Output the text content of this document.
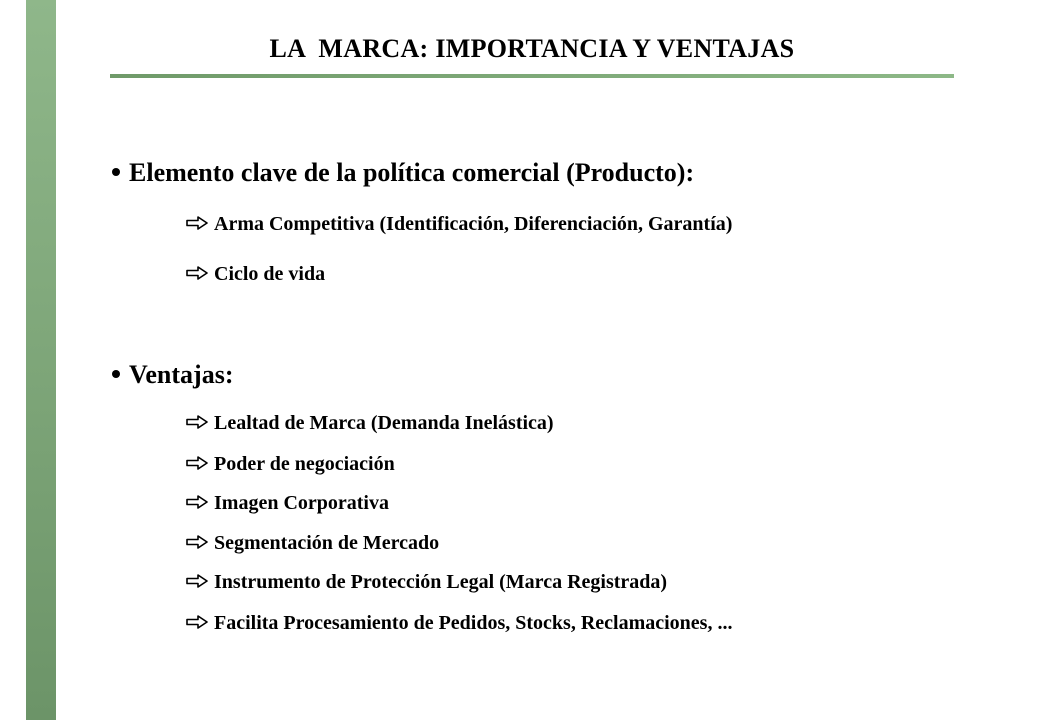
LA  MARCA: IMPORTANCIA Y VENTAJAS
Elemento clave de la política comercial (Producto):
Arma Competitiva (Identificación, Diferenciación, Garantía)
Ciclo de vida
Ventajas:
Lealtad de Marca (Demanda Inelástica)
Poder de negociación
Imagen Corporativa
Segmentación de Mercado
Instrumento de Protección Legal (Marca Registrada)
Facilita Procesamiento de Pedidos, Stocks, Reclamaciones, ...
